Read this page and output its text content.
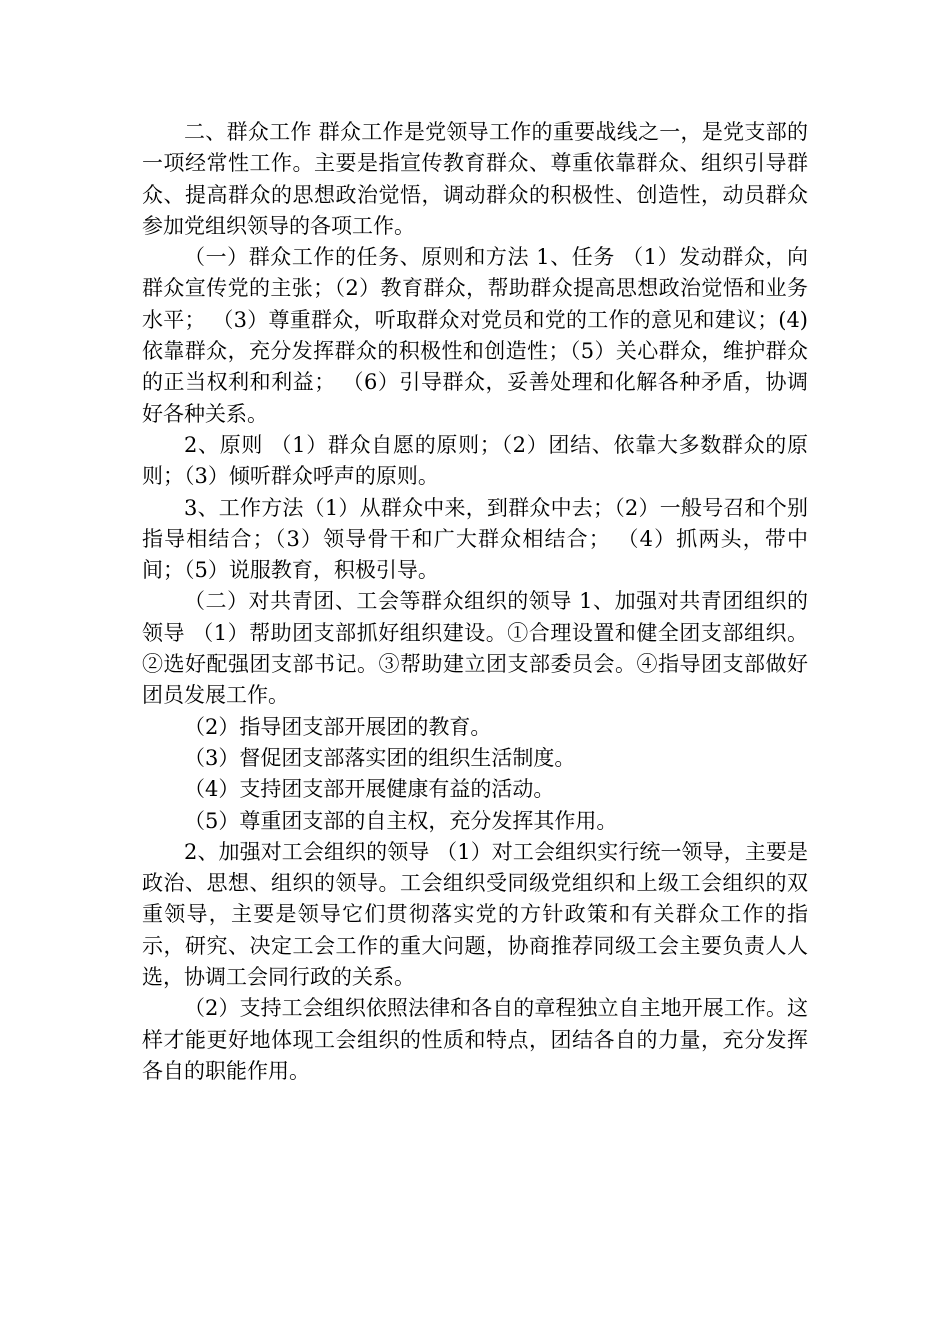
二、群众工作 群众工作是党领导工作的重要战线之一，是党支部的一项经常性工作。主要是指宣传教育群众、尊重依靠群众、组织引导群众、提高群众的思想政治觉悟，调动群众的积极性、创造性，动员群众参加党组织领导的各项工作。

（一）群众工作的任务、原则和方法 1、任务 （1）发动群众，向群众宣传党的主张；（2）教育群众，帮助群众提高思想政治觉悟和业务水平； （3）尊重群众，听取群众对党员和党的工作的意见和建议；(4)依靠群众，充分发挥群众的积极性和创造性；（5）关心群众，维护群众的正当权利和利益； （6）引导群众，妥善处理和化解各种矛盾，协调好各种关系。

2、原则 （1）群众自愿的原则；（2）团结、依靠大多数群众的原则；（3）倾听群众呼声的原则。

3、工作方法（1）从群众中来，到群众中去；（2）一般号召和个别指导相结合；（3）领导骨干和广大群众相结合； （4）抓两头，带中间；（5）说服教育，积极引导。

（二）对共青团、工会等群众组织的领导 1、加强对共青团组织的领导 （1）帮助团支部抓好组织建设。①合理设置和健全团支部组织。②选好配强团支部书记。③帮助建立团支部委员会。④指导团支部做好团员发展工作。

（2）指导团支部开展团的教育。

（3）督促团支部落实团的组织生活制度。

（4）支持团支部开展健康有益的活动。

（5）尊重团支部的自主权，充分发挥其作用。

2、加强对工会组织的领导 （1）对工会组织实行统一领导，主要是政治、思想、组织的领导。工会组织受同级党组织和上级工会组织的双重领导，主要是领导它们贯彻落实党的方针政策和有关群众工作的指示，研究、决定工会工作的重大问题，协商推荐同级工会主要负责人人选，协调工会同行政的关系。

（2）支持工会组织依照法律和各自的章程独立自主地开展工作。这样才能更好地体现工会组织的性质和特点，团结各自的力量，充分发挥各自的职能作用。
